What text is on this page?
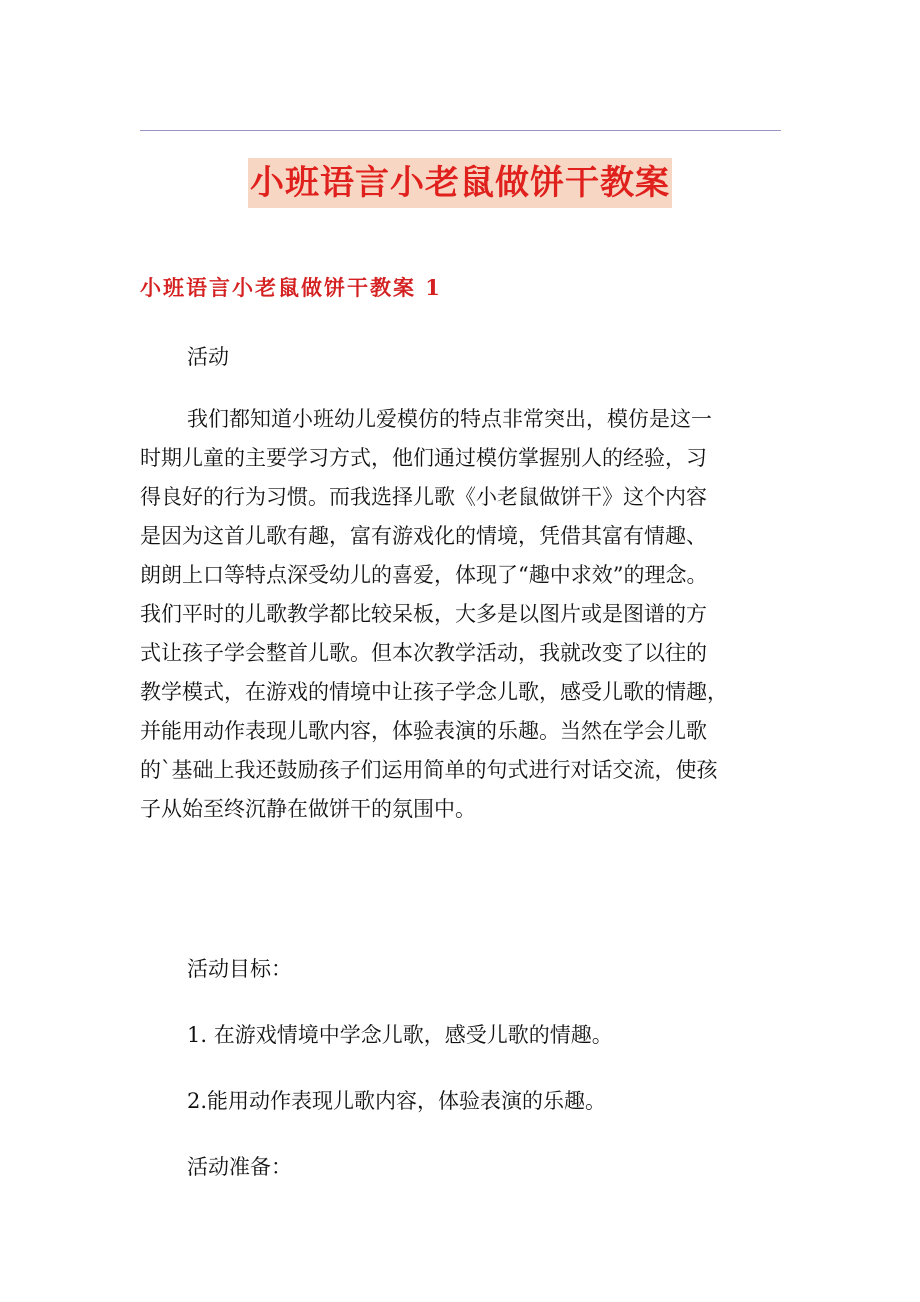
小班语言小老鼠做饼干教案
小班语言小老鼠做饼干教案 1

活动

我们都知道小班幼儿爱模仿的特点非常突出，模仿是这一
时期儿童的主要学习方式，他们通过模仿掌握别人的经验，习
得良好的行为习惯。而我选择儿歌《小老鼠做饼干》这个内容
是因为这首儿歌有趣，富有游戏化的情境，凭借其富有情趣、
朗朗上口等特点深受幼儿的喜爱，体现了“趣中求效”的理念。
我们平时的儿歌教学都比较呆板，大多是以图片或是图谱的方
式让孩子学会整首儿歌。但本次教学活动，我就改变了以往的
教学模式，在游戏的情境中让孩子学念儿歌，感受儿歌的情趣，
并能用动作表现儿歌内容，体验表演的乐趣。当然在学会儿歌
的`基础上我还鼓励孩子们运用简单的句式进行对话交流，使孩
子从始至终沉静在做饼干的氛围中。

活动目标：

1. 在游戏情境中学念儿歌，感受儿歌的情趣。

2.能用动作表现儿歌内容，体验表演的乐趣。

活动准备：
